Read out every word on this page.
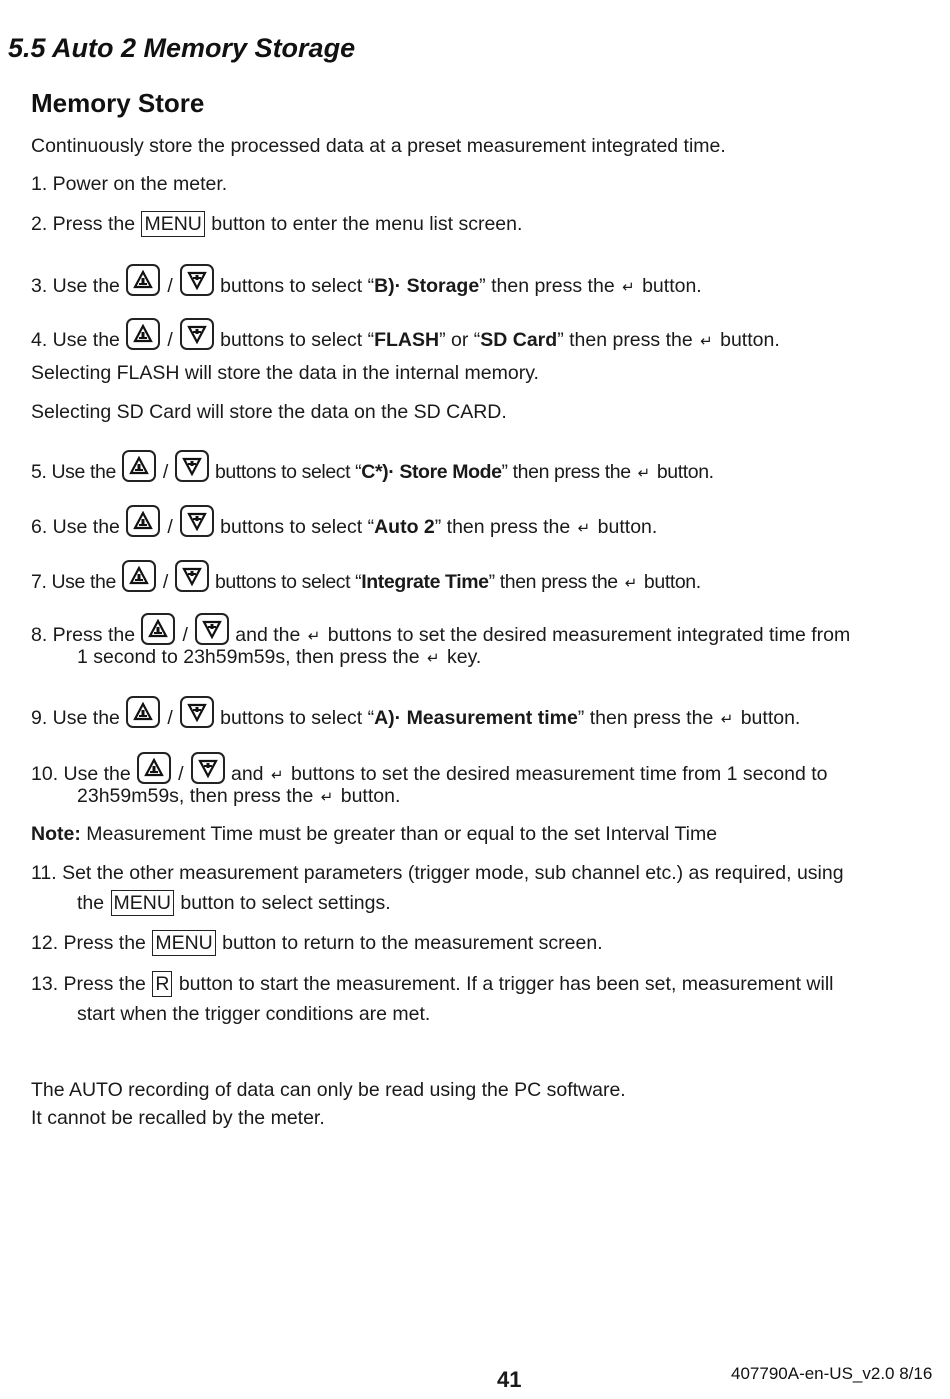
5.5 Auto 2 Memory Storage
Memory Store
Continuously store the processed data at a preset measurement integrated time.
1. Power on the meter.
2. Press the MENU button to enter the menu list screen.
3. Use the
/
buttons to select “B)· Storage” then press the ↵ button.
4. Use the
/
buttons to select “FLASH” or “SD Card” then press the ↵ button.
Selecting FLASH will store the data in the internal memory.
Selecting SD Card will store the data on the SD CARD.
5. Use the
/
buttons to select “C*)· Store Mode” then press the ↵ button.
6. Use the
/
buttons to select “Auto 2” then press the ↵ button.
7. Use the
/
buttons to select “Integrate Time” then press the ↵ button.
8. Press the
/
and the ↵ buttons to set the desired measurement integrated time from
1 second to 23h59m59s, then press the ↵ key.
9. Use the
/
buttons to select “A)· Measurement time” then press the ↵ button.
10. Use the
/
and ↵ buttons to set the desired measurement time from 1 second to
23h59m59s, then press the ↵ button.
Note: Measurement Time must be greater than or equal to the set Interval Time
11. Set the other measurement parameters (trigger mode, sub channel etc.) as required, using
the MENU button to select settings.
12. Press the MENU button to return to the measurement screen.
13. Press the R button to start the measurement. If a trigger has been set, measurement will
start when the trigger conditions are met.
The AUTO recording of data can only be read using the PC software.
It cannot be recalled by the meter.
41	407790A-en-US_v2.0 8/16
